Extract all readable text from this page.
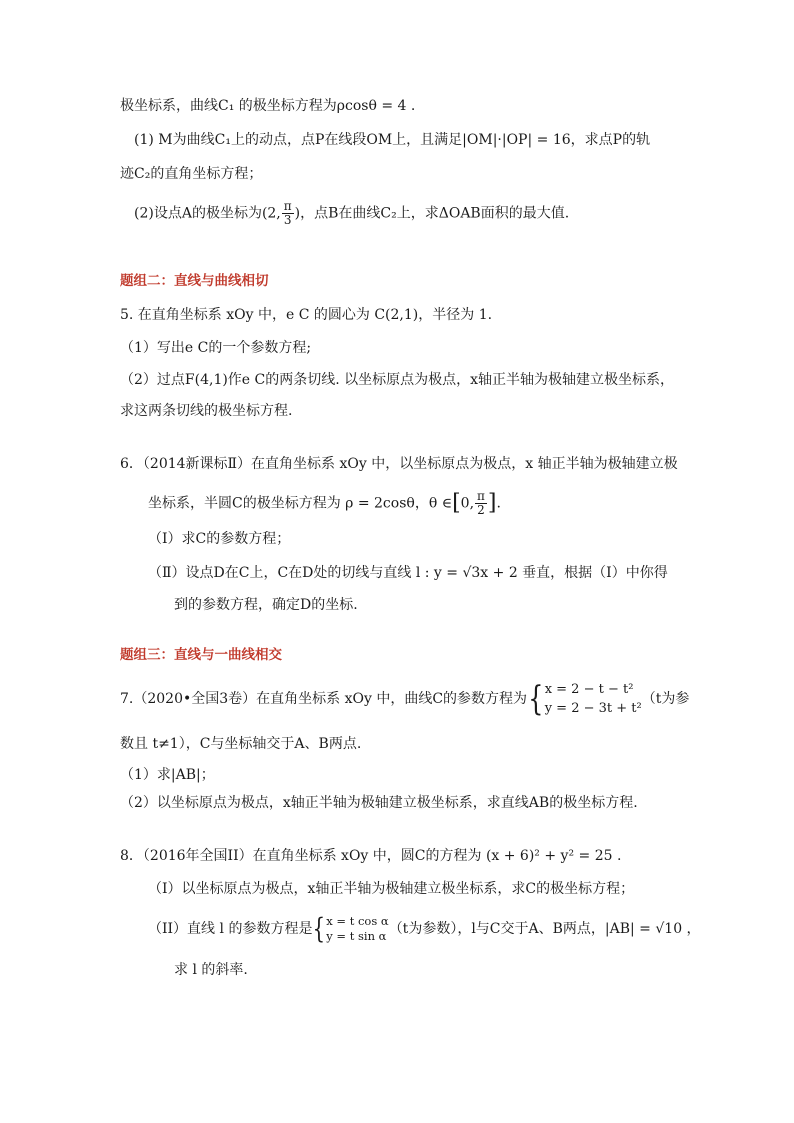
极坐标系，曲线C₁ 的极坐标方程为ρcosθ = 4 .
(1) M为曲线C₁上的动点，点P在线段OM上，且满足|OM|·|OP| = 16，求点P的轨
迹C₂的直角坐标方程；
(2)设点A的极坐标为(2, $\frac{\pi}{3}$ )，点B在曲线C₂上，求ΔOAB面积的最大值.
题组二：直线与曲线相切
5. 在直角坐标系 xOy 中，e C 的圆心为 C(2,1)，半径为 1.
（1）写出e C的一个参数方程;
（2）过点F(4,1)作e C的两条切线. 以坐标原点为极点，x轴正半轴为极轴建立极坐标系，
求这两条切线的极坐标方程.
6．（2014新课标Ⅱ）在直角坐标系 xOy 中，以坐标原点为极点，x 轴正半轴为极轴建立极
坐标系，半圆C的极坐标方程为 ρ = 2cosθ，θ ∈[0, $\frac{\pi}{2}$ ].
（Ⅰ）求C的参数方程；
（Ⅱ）设点D在C上，C在D处的切线与直线 l : y = √3x + 2 垂直，根据（Ⅰ）中你得
到的参数方程，确定D的坐标.
题组三：直线与一曲线相交
7.（2020•全国3卷）在直角坐标系 xOy 中，曲线C的参数方程为{ x = 2 − t − t²
y = 2 − 3t + t²
（t为参
数且 t≠1），C与坐标轴交于A、B两点.
（1）求|AB|；
（2）以坐标原点为极点，x轴正半轴为极轴建立极坐标系，求直线AB的极坐标方程.
8．（2016年全国II）在直角坐标系 xOy 中，圆C的方程为 (x + 6)² + y² = 25 .
（I）以坐标原点为极点，x轴正半轴为极轴建立极坐标系，求C的极坐标方程；
（II）直线 l 的参数方程是{ x = t cos α
y = t sin α （t为参数），l与C交于A、B两点，|AB| = √10 ，
求 l 的斜率.
